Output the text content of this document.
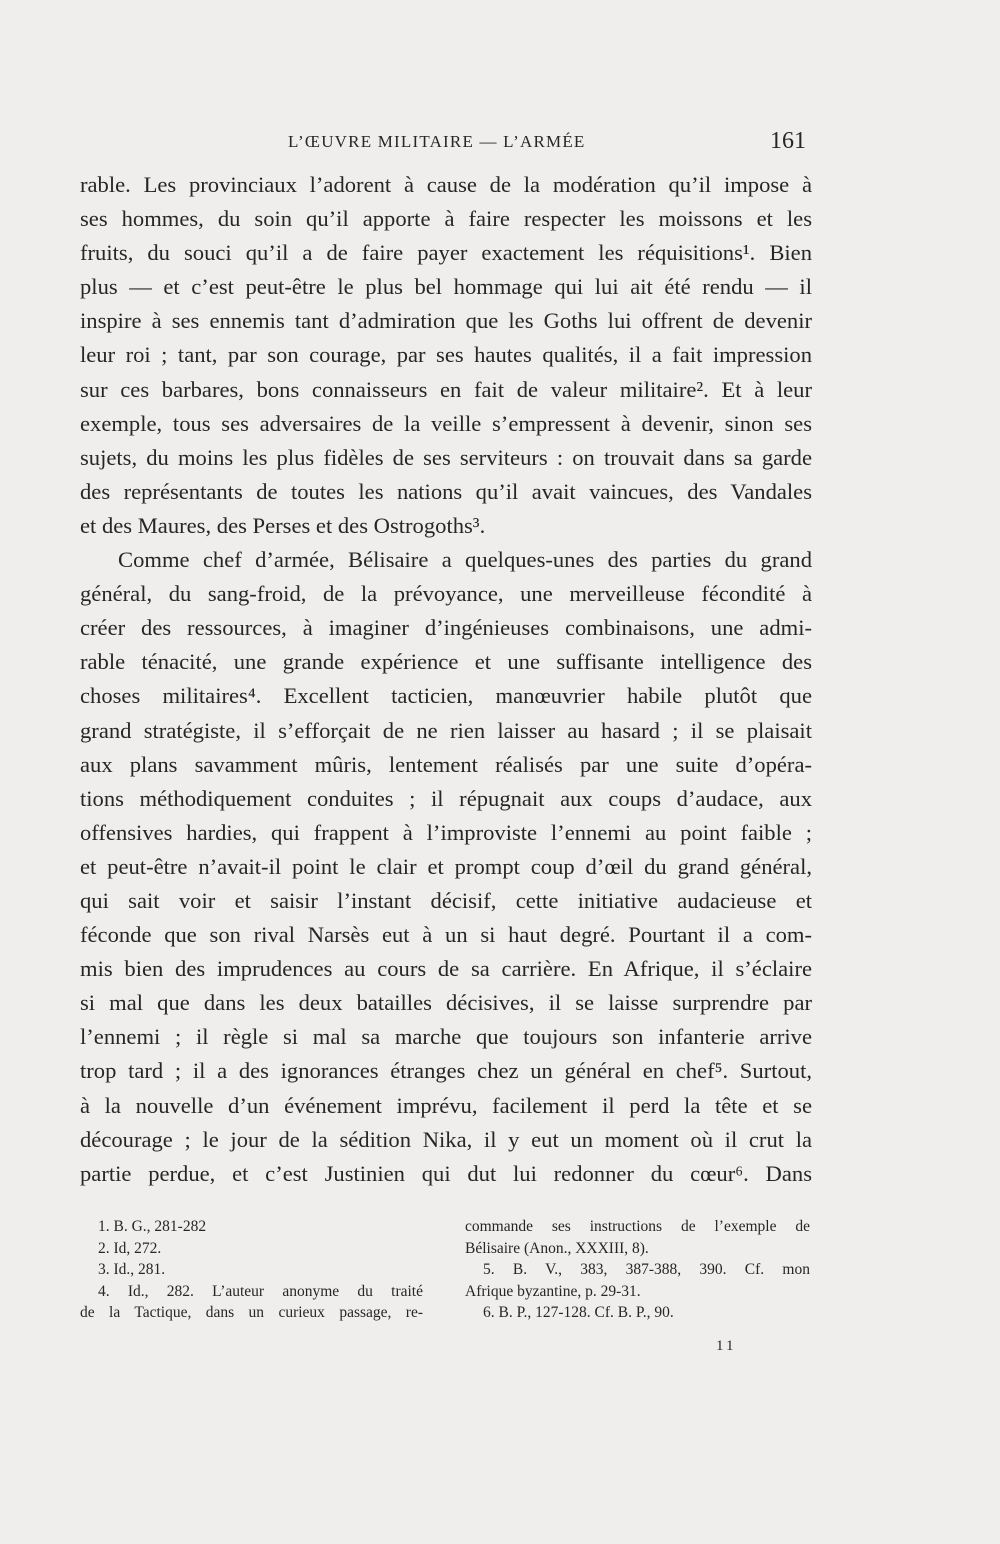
L’ŒUVRE MILITAIRE — L’ARMÉE	161
rable. Les provinciaux l’adorent à cause de la modération qu’il impose à
ses hommes, du soin qu’il apporte à faire respecter les moissons et les
fruits, du souci qu’il a de faire payer exactement les réquisitions¹. Bien
plus — et c’est peut-être le plus bel hommage qui lui ait été rendu — il
inspire à ses ennemis tant d’admiration que les Goths lui offrent de devenir
leur roi ; tant, par son courage, par ses hautes qualités, il a fait impression
sur ces barbares, bons connaisseurs en fait de valeur militaire². Et à leur
exemple, tous ses adversaires de la veille s’empressent à devenir, sinon ses
sujets, du moins les plus fidèles de ses serviteurs : on trouvait dans sa garde
des représentants de toutes les nations qu’il avait vaincues, des Vandales
et des Maures, des Perses et des Ostrogoths³.
Comme chef d’armée, Bélisaire a quelques-unes des parties du grand
général, du sang-froid, de la prévoyance, une merveilleuse fécondité à
créer des ressources, à imaginer d’ingénieuses combinaisons, une admi-
rable ténacité, une grande expérience et une suffisante intelligence des
choses militaires⁴. Excellent tacticien, manœuvrier habile plutôt que
grand stratégiste, il s’efforçait de ne rien laisser au hasard ; il se plaisait
aux plans savamment mûris, lentement réalisés par une suite d’opéra-
tions méthodiquement conduites ; il répugnait aux coups d’audace, aux
offensives hardies, qui frappent à l’improviste l’ennemi au point faible ;
et peut-être n’avait-il point le clair et prompt coup d’œil du grand général,
qui sait voir et saisir l’instant décisif, cette initiative audacieuse et
féconde que son rival Narsès eut à un si haut degré. Pourtant il a com-
mis bien des imprudences au cours de sa carrière. En Afrique, il s’éclaire
si mal que dans les deux batailles décisives, il se laisse surprendre par
l’ennemi ; il règle si mal sa marche que toujours son infanterie arrive
trop tard ; il a des ignorances étranges chez un général en chef⁵. Surtout,
à la nouvelle d’un événement imprévu, facilement il perd la tête et se
décourage ; le jour de la sédition Nika, il y eut un moment où il crut la
partie perdue, et c’est Justinien qui dut lui redonner du cœur⁶. Dans
1. B. G., 281-282
2. Id, 272.
3. Id., 281.
4. Id., 282. L’auteur anonyme du traité
de la Tactique, dans un curieux passage, re-
commande ses instructions de l’exemple de
Bélisaire (Anon., XXXIII, 8).
5. B. V., 383, 387-388, 390. Cf. mon
Afrique byzantine, p. 29-31.
6. B. P., 127-128. Cf. B. P., 90.
11
